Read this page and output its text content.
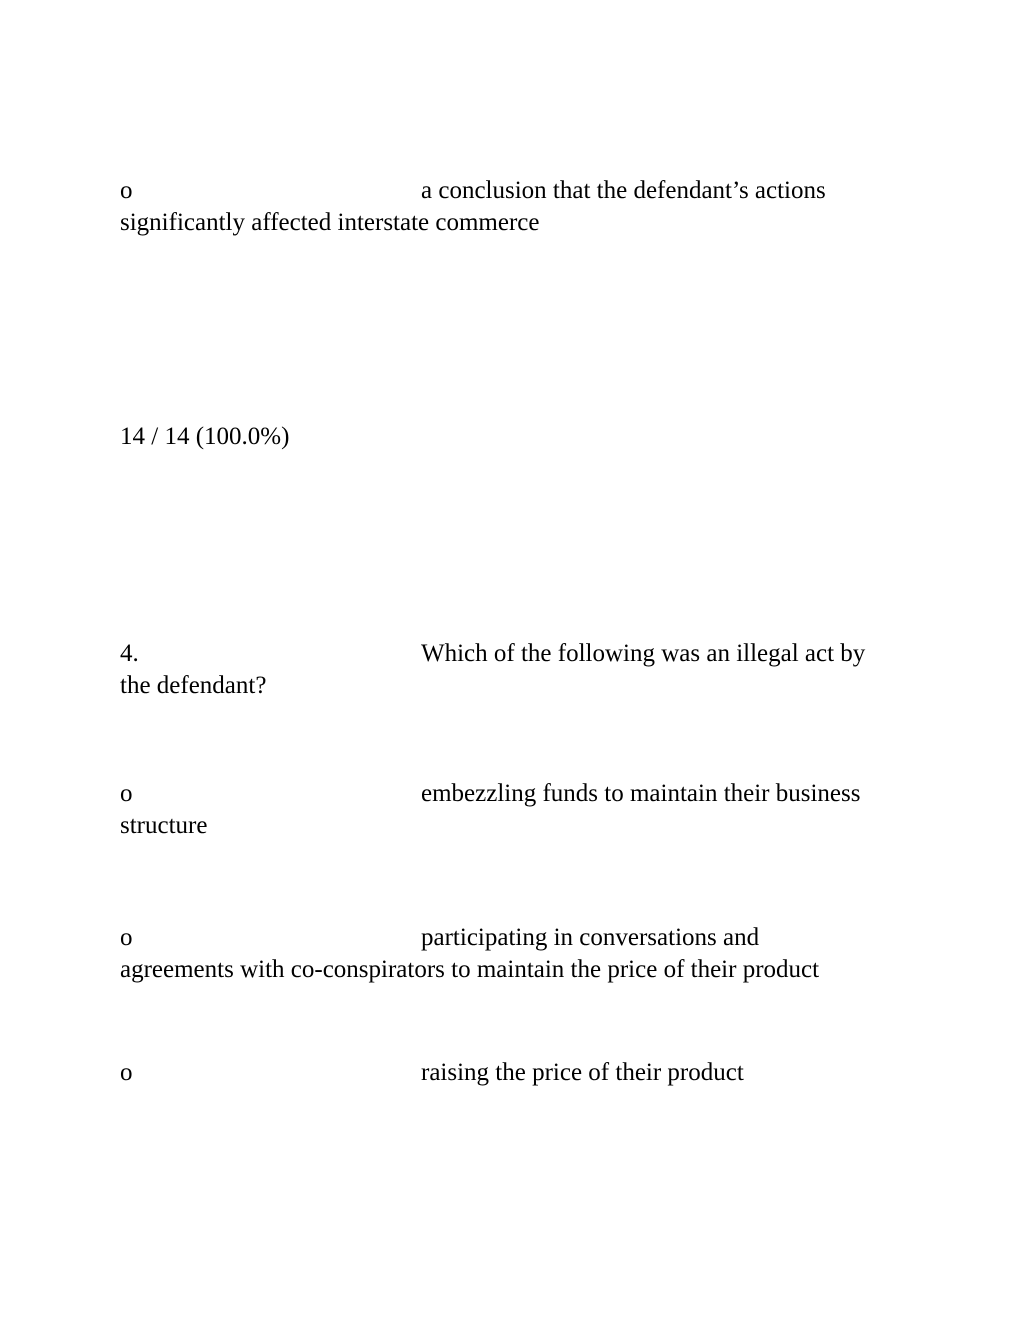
o	a conclusion that the defendant’s actions
significantly affected interstate commerce
14 / 14 (100.0%)
4.	Which of the following was an illegal act by
the defendant?
o	embezzling funds to maintain their business
structure
o	participating in conversations and
agreements with co-conspirators to maintain the price of their product
o	raising the price of their product
